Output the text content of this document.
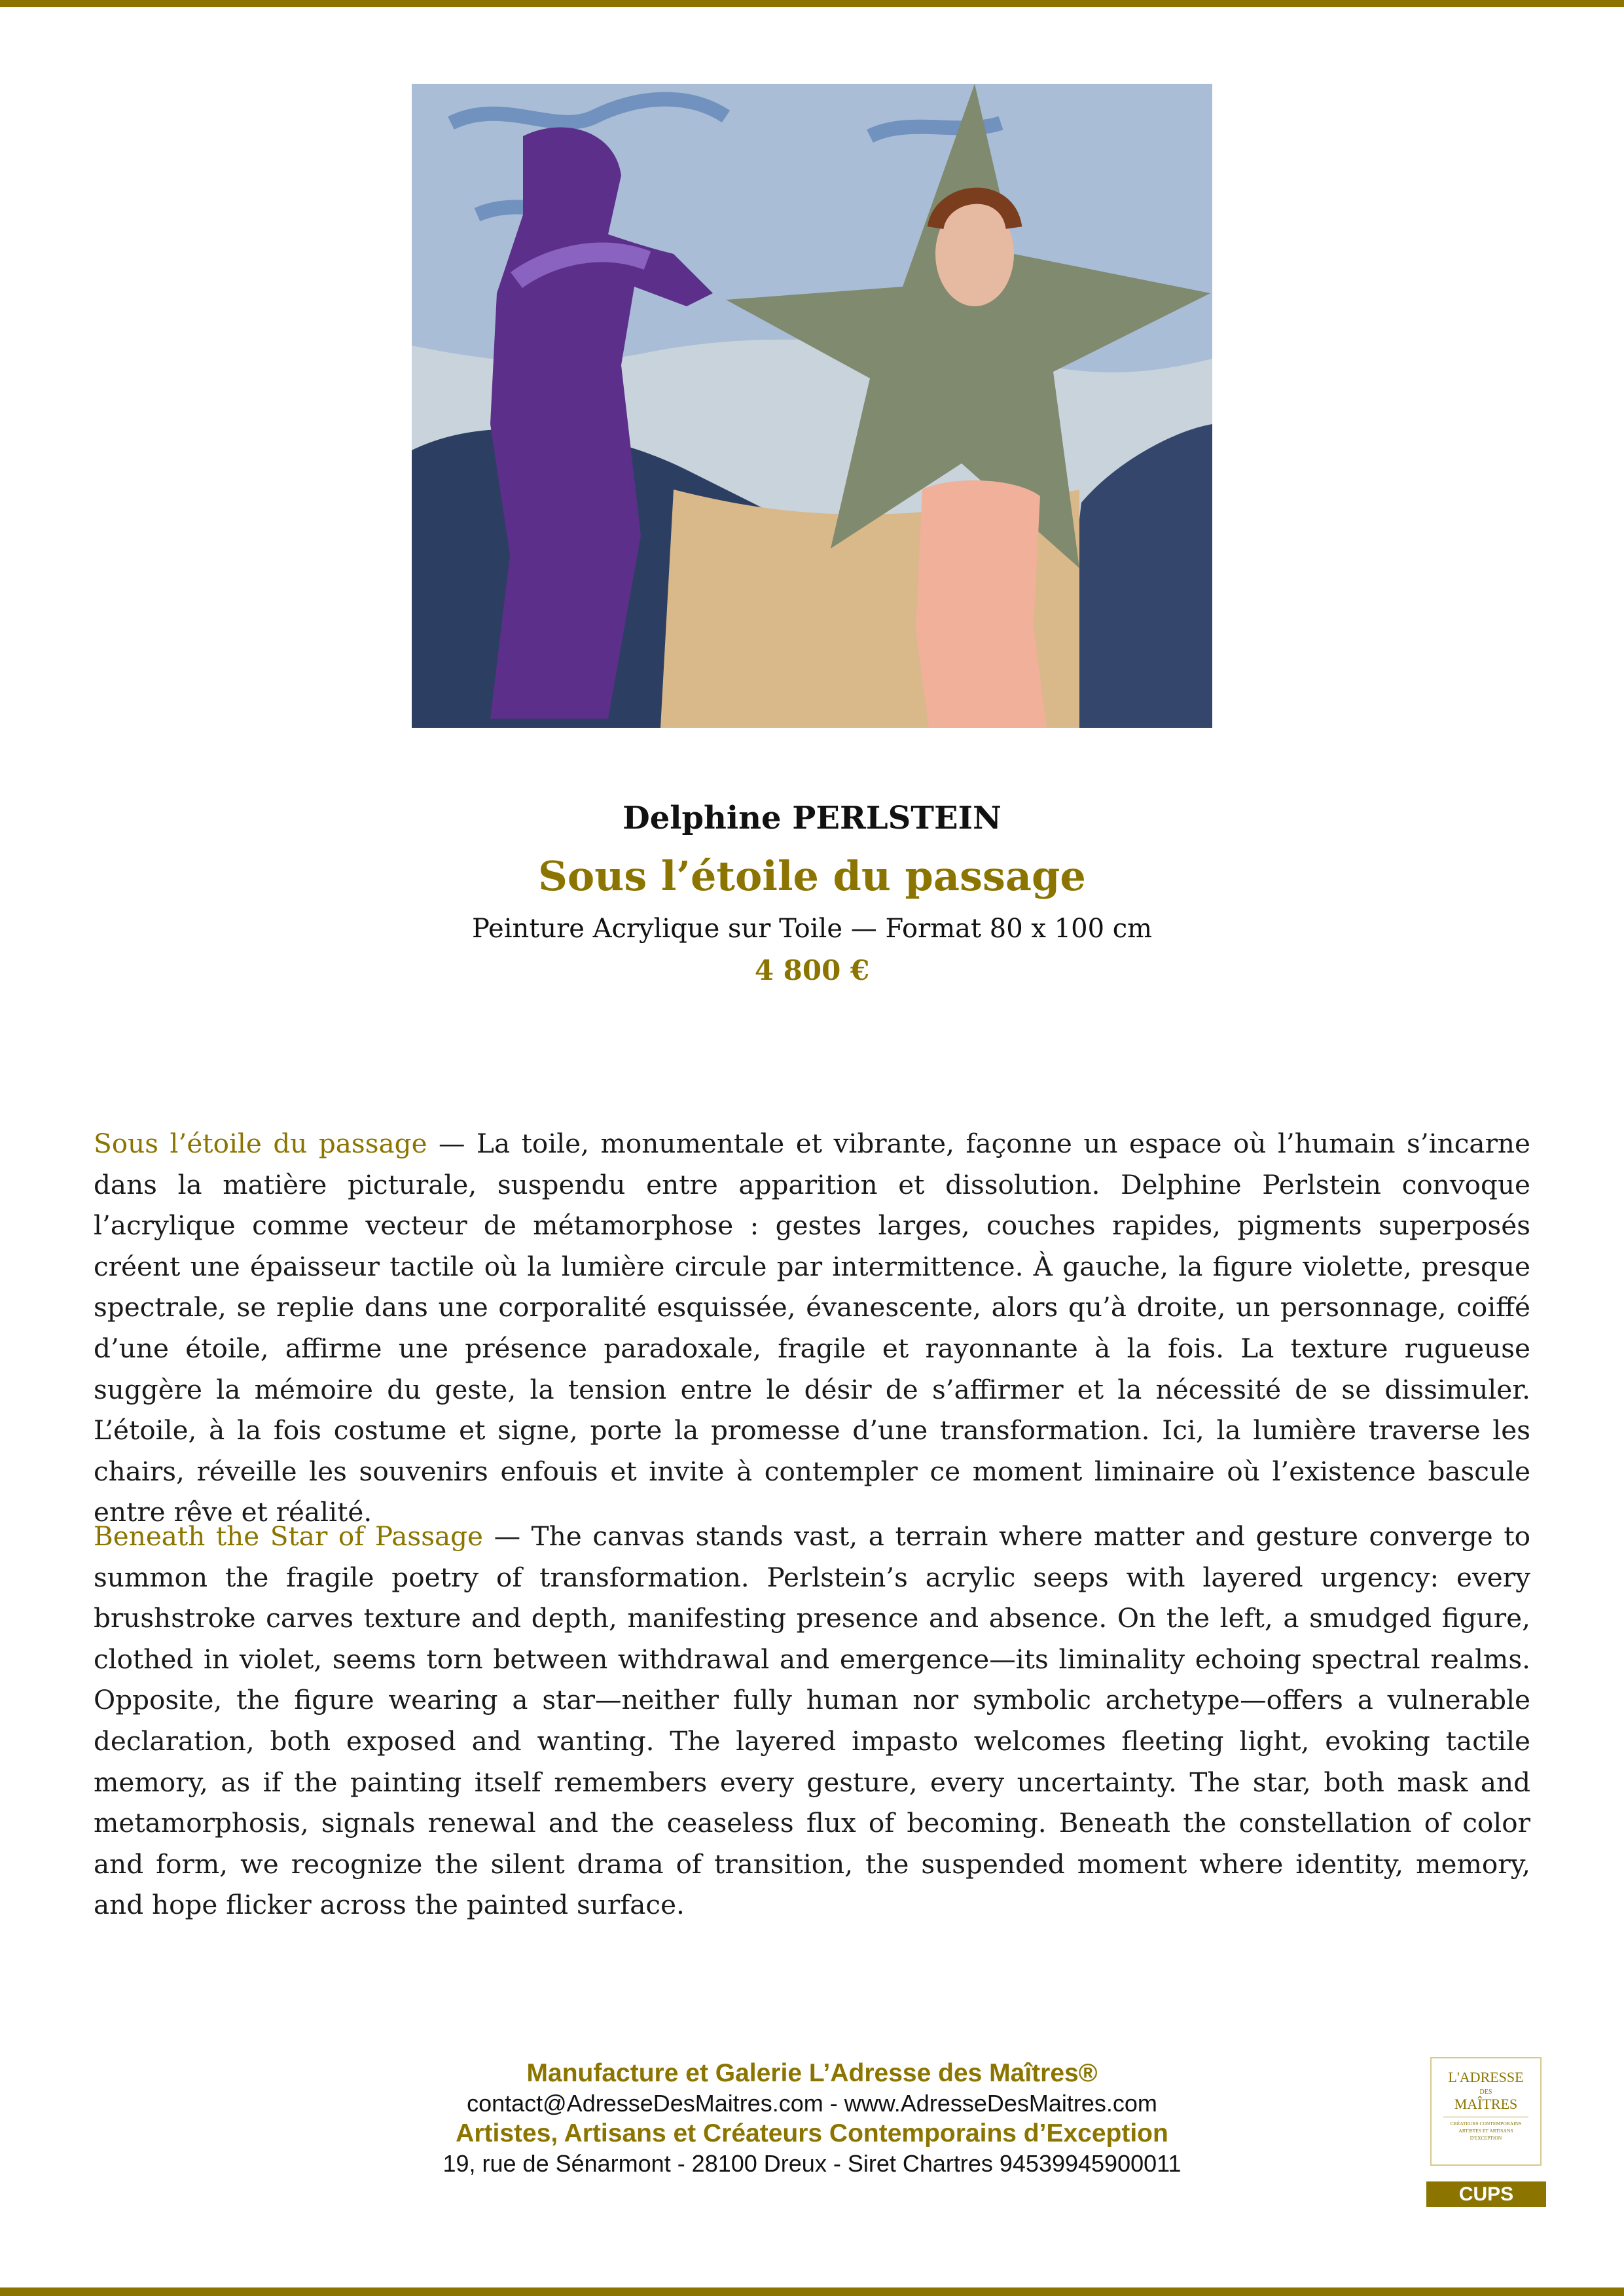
Delphine PERLSTEIN
Sous l’étoile du passage
Peinture Acrylique sur Toile — Format 80 x 100 cm
4 800 €

Sous l’étoile du passage — La toile, monumentale et vibrante, façonne un espace où l’humain s’incarne dans la matière picturale, suspendu entre apparition et dissolution. Delphine Perlstein convoque l’acrylique comme vecteur de métamorphose : gestes larges, couches rapides, pigments superposés créent une épaisseur tactile où la lumière circule par intermittence. À gauche, la figure violette, presque spectrale, se replie dans une corporalité esquissée, évanescente, alors qu’à droite, un personnage, coiffé d’une étoile, affirme une présence paradoxale, fragile et rayonnante à la fois. La texture rugueuse suggère la mémoire du geste, la tension entre le désir de s’affirmer et la nécessité de se dissimuler. L’étoile, à la fois costume et signe, porte la promesse d’une transformation. Ici, la lumière traverse les chairs, réveille les souvenirs enfouis et invite à contempler ce moment liminaire où l’existence bascule entre rêve et réalité.

Beneath the Star of Passage — The canvas stands vast, a terrain where matter and gesture converge to summon the fragile poetry of transformation. Perlstein’s acrylic seeps with layered urgency: every brushstroke carves texture and depth, manifesting presence and absence. On the left, a smudged figure, clothed in violet, seems torn between withdrawal and emergence—its liminality echoing spectral realms. Opposite, the figure wearing a star—neither fully human nor symbolic archetype—offers a vulnerable declaration, both exposed and wanting. The layered impasto welcomes fleeting light, evoking tactile memory, as if the painting itself remembers every gesture, every uncertainty. The star, both mask and metamorphosis, signals renewal and the ceaseless flux of becoming. Beneath the constellation of color and form, we recognize the silent drama of transition, the suspended moment where identity, memory, and hope flicker across the painted surface.

Manufacture et Galerie L’Adresse des Maîtres®
contact@AdresseDesMaitres.com - www.AdresseDesMaitres.com
Artistes, Artisans et Créateurs Contemporains d’Exception
19, rue de Sénarmont - 28100 Dreux - Siret Chartres 94539945900011
L'ADRESSE
DES
MAÎTRES
CRÉATEURS CONTEMPORAINS
ARTISTES ET ARTISANS
D'EXCEPTION
CUPS
